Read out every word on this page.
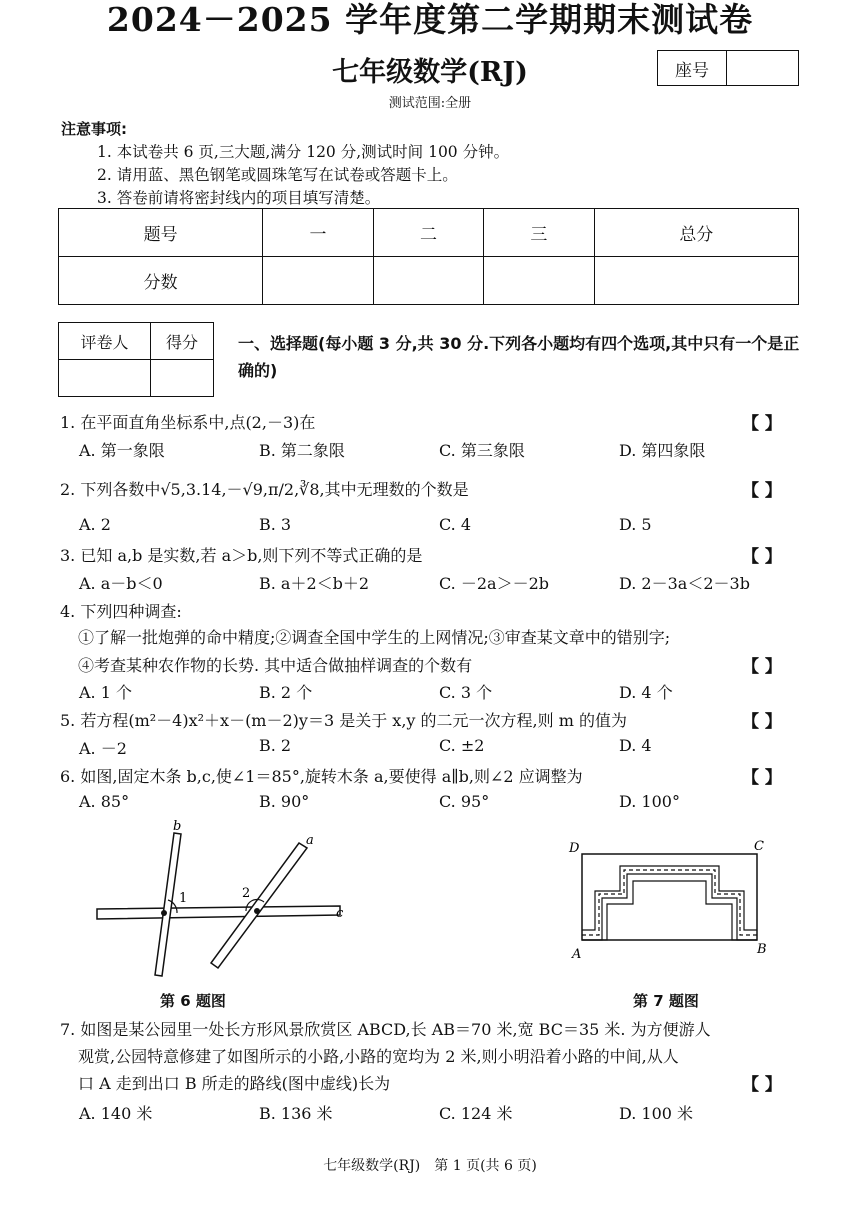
2024－2025 学年度第二学期期末测试卷
七年级数学(RJ)	座号
测试范围:全册
注意事项:
1. 本试卷共 6 页,三大题,满分 120 分,测试时间 100 分钟。
2. 请用蓝、黑色钢笔或圆珠笔写在试卷或答题卡上。
3. 答卷前请将密封线内的项目填写清楚。
题号	一	二	三	总分
分数				
评卷人	得分
		一、选择题(每小题 3 分,共 30 分.下列各小题均有四个选项,其中只有一个是正确的)
1. 在平面直角坐标系中,点(2,－3)在	【 】
A. 第一象限	B. 第二象限	C. 第三象限	D. 第四象限
2. 下列各数中√5,3.14,－√9,π/2,∛8,其中无理数的个数是	【 】
A. 2	B. 3	C. 4	D. 5
3. 已知 a,b 是实数,若 a＞b,则下列不等式正确的是	【 】
A. a－b＜0	B. a＋2＜b＋2	C. －2a＞－2b	D. 2－3a＜2－3b
4. 下列四种调查:
①了解一批炮弹的命中精度;②调查全国中学生的上网情况;③审查某文章中的错别字;
④考查某种农作物的长势. 其中适合做抽样调查的个数有	【 】
A. 1 个	B. 2 个	C. 3 个	D. 4 个
5. 若方程(m²－4)x²＋x－(m－2)y＝3 是关于 x,y 的二元一次方程,则 m 的值为	【 】
A. －2	B. 2	C. ±2	D. 4
6. 如图,固定木条 b,c,使∠1＝85°,旋转木条 a,要使得 a∥b,则∠2 应调整为	【 】
A. 85°	B. 90°	C. 95°	D. 100°
b
a
c
1	2
第 6 题图
D	C
A	B
第 7 题图
7. 如图是某公园里一处长方形风景欣赏区 ABCD,长 AB＝70 米,宽 BC＝35 米. 为方便游人
观赏,公园特意修建了如图所示的小路,小路的宽均为 2 米,则小明沿着小路的中间,从人
口 A 走到出口 B 所走的路线(图中虚线)长为	【 】
A. 140 米	B. 136 米	C. 124 米	D. 100 米
七年级数学(RJ)　第 1 页(共 6 页)
